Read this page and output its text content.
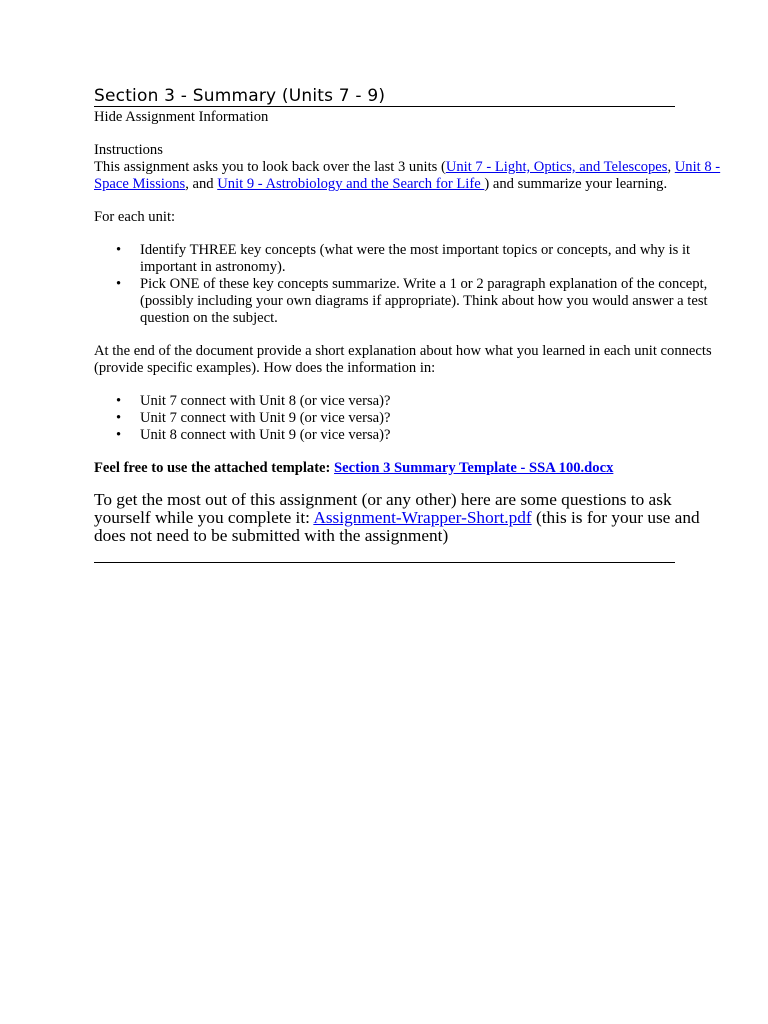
Section 3 - Summary (Units 7 - 9)

Hide Assignment Information

Instructions

This assignment asks you to look back over the last 3 units (Unit 7 - Light, Optics, and Telescopes, Unit 8 - Space Missions, and Unit 9 - Astrobiology and the Search for Life ) and summarize your learning.

For each unit:

• Identify THREE key concepts (what were the most important topics or concepts, and why is it important in astronomy).
• Pick ONE of these key concepts summarize. Write a 1 or 2 paragraph explanation of the concept, (possibly including your own diagrams if appropriate). Think about how you would answer a test question on the subject.

At the end of the document provide a short explanation about how what you learned in each unit connects (provide specific examples). How does the information in:

• Unit 7 connect with Unit 8 (or vice versa)?
• Unit 7 connect with Unit 9 (or vice versa)?
• Unit 8 connect with Unit 9 (or vice versa)?

Feel free to use the attached template: Section 3 Summary Template - SSA 100.docx

To get the most out of this assignment (or any other) here are some questions to ask yourself while you complete it: Assignment-Wrapper-Short.pdf (this is for your use and does not need to be submitted with the assignment)
